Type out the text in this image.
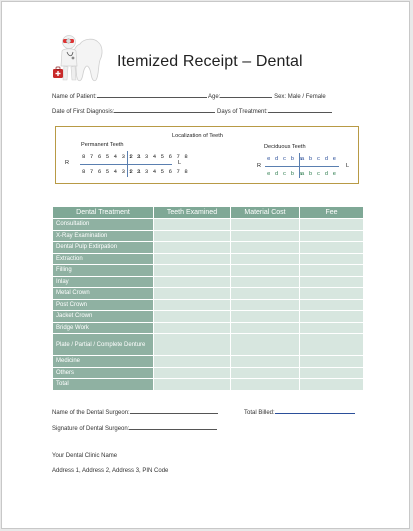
Itemized Receipt – Dental
Name of Patient:	Age:	Sex: Male / Female
Date of First Diagnosis:	Days of Treatment:
Localization of Teeth
Permanent Teeth	Deciduous Teeth
R	L
8 7 6 5 4 3 2 1
1 2 3 4 5 6 7 8
8 7 6 5 4 3 2 1
1 2 3 4 5 6 7 8
R	L
e d c b a
a b c d e
e d c b a
a b c d e
Dental Treatment	Teeth Examined	Material Cost	Fee
Consultation			
X-Ray Examination			
Dental Pulp Extirpation			
Extraction			
Filling			
Inlay			
Metal Crown			
Post Crown			
Jacket Crown			
Bridge Work			
Plate / Partial / Complete Denture			
Medicine			
Others			
Total			
Name of the Dental Surgeon:	Total Billed:
Signature of Dental Surgeon:
Your Dental Clinic Name
Address 1, Address 2, Address 3, PIN Code
